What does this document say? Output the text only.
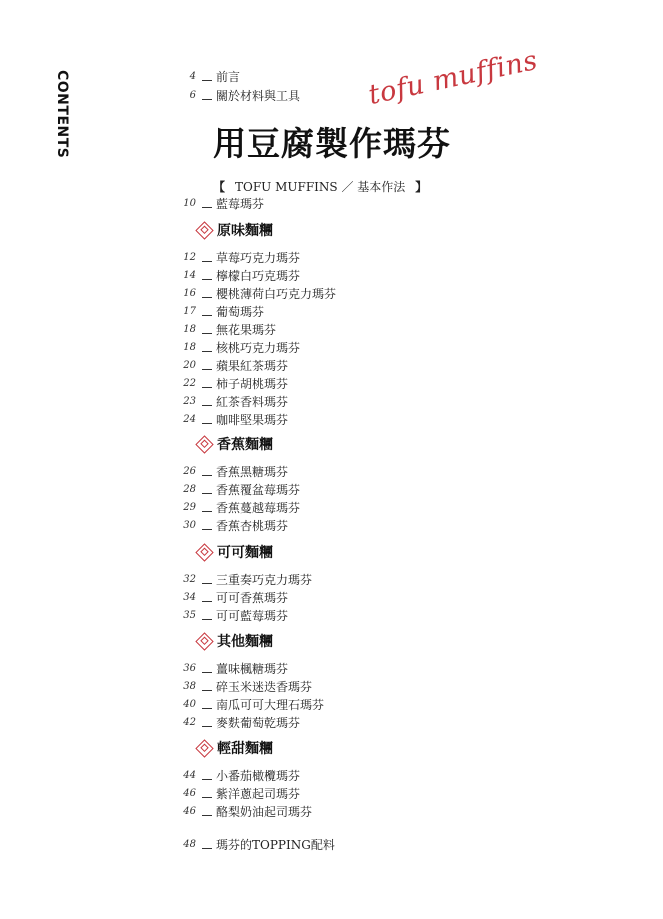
CONTENTS	4 前言
6 關於材料與工具 tofu muffins
用豆腐製作瑪芬
【 TOFU MUFFINS ／ 基本作法 】
10 藍莓瑪芬
原味麵糰
12 草莓巧克力瑪芬
14 檸檬白巧克瑪芬
16 櫻桃薄荷白巧克力瑪芬
17 葡萄瑪芬
18 無花果瑪芬
18 核桃巧克力瑪芬
20 蘋果紅茶瑪芬
22 柿子胡桃瑪芬
23 紅茶香料瑪芬
24 咖啡堅果瑪芬
香蕉麵糰
26 香蕉黑糖瑪芬
28 香蕉覆盆莓瑪芬
29 香蕉蔓越莓瑪芬
30 香蕉杏桃瑪芬
可可麵糰
32 三重奏巧克力瑪芬
34 可可香蕉瑪芬
35 可可藍莓瑪芬
其他麵糰
36 薑味楓糖瑪芬
38 碎玉米迷迭香瑪芬
40 南瓜可可大理石瑪芬
42 麥麩葡萄乾瑪芬
輕甜麵糰
44 小番茄橄欖瑪芬
46 紫洋蔥起司瑪芬
46 酪梨奶油起司瑪芬
48 瑪芬的TOPPING配料
